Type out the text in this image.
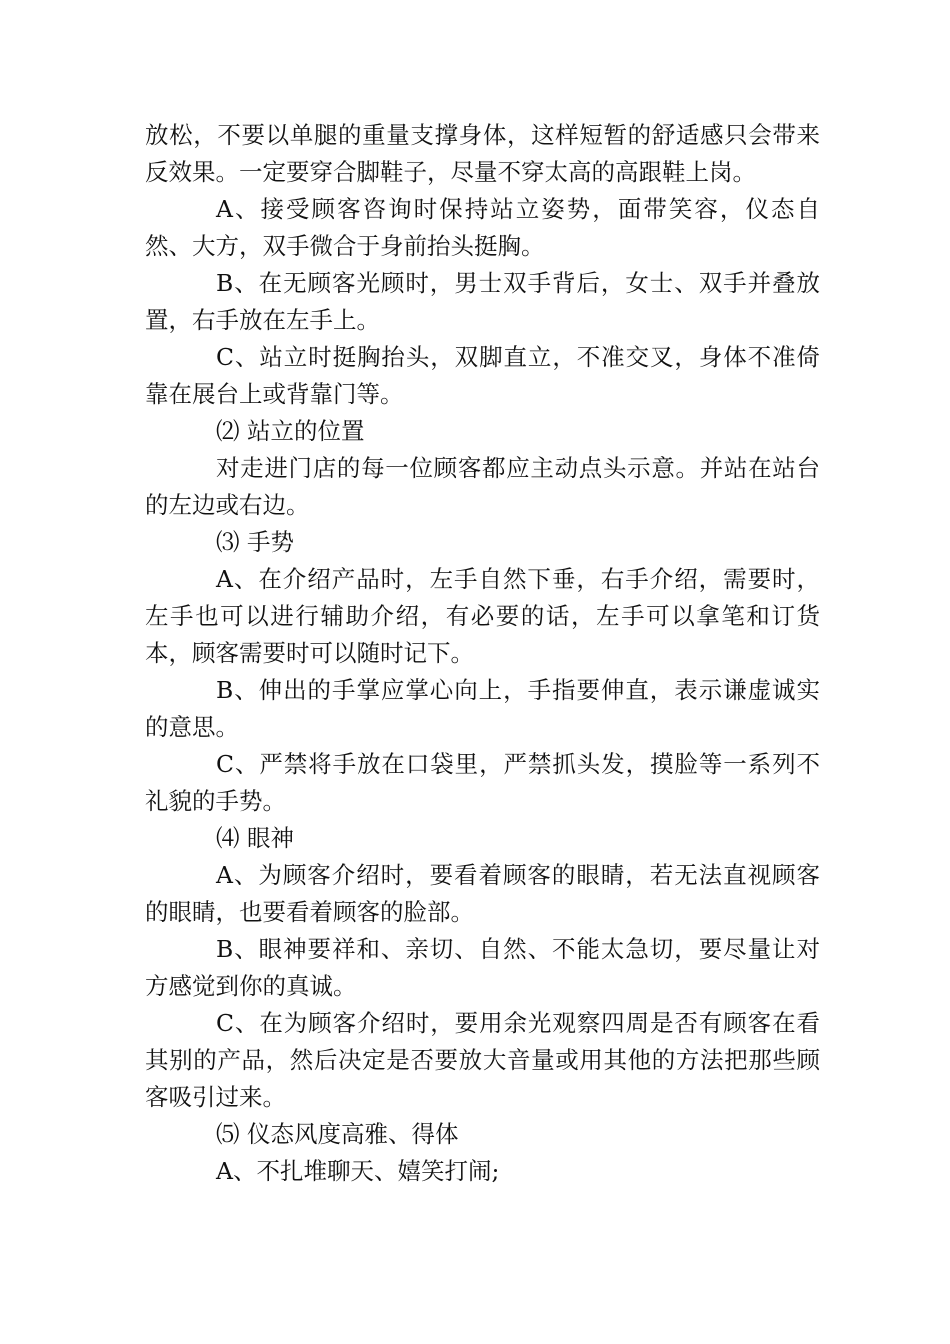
放松，不要以单腿的重量支撑身体，这样短暂的舒适感只会带来反效果。一定要穿合脚鞋子，尽量不穿太高的高跟鞋上岗。

A、接受顾客咨询时保持站立姿势，面带笑容，仪态自然、大方，双手微合于身前抬头挺胸。

B、在无顾客光顾时，男士双手背后，女士、双手并叠放置，右手放在左手上。

C、站立时挺胸抬头，双脚直立，不准交叉，身体不准倚靠在展台上或背靠门等。

⑵ 站立的位置

对走进门店的每一位顾客都应主动点头示意。并站在站台的左边或右边。

⑶ 手势

A、在介绍产品时，左手自然下垂，右手介绍，需要时，左手也可以进行辅助介绍，有必要的话，左手可以拿笔和订货本，顾客需要时可以随时记下。

B、伸出的手掌应掌心向上，手指要伸直，表示谦虚诚实的意思。

C、严禁将手放在口袋里，严禁抓头发，摸脸等一系列不礼貌的手势。

⑷ 眼神

A、为顾客介绍时，要看着顾客的眼睛，若无法直视顾客的眼睛，也要看着顾客的脸部。

B、眼神要祥和、亲切、自然、不能太急切，要尽量让对方感觉到你的真诚。

C、在为顾客介绍时，要用余光观察四周是否有顾客在看其别的产品，然后决定是否要放大音量或用其他的方法把那些顾客吸引过来。

⑸ 仪态风度高雅、得体

A、不扎堆聊天、嬉笑打闹;
